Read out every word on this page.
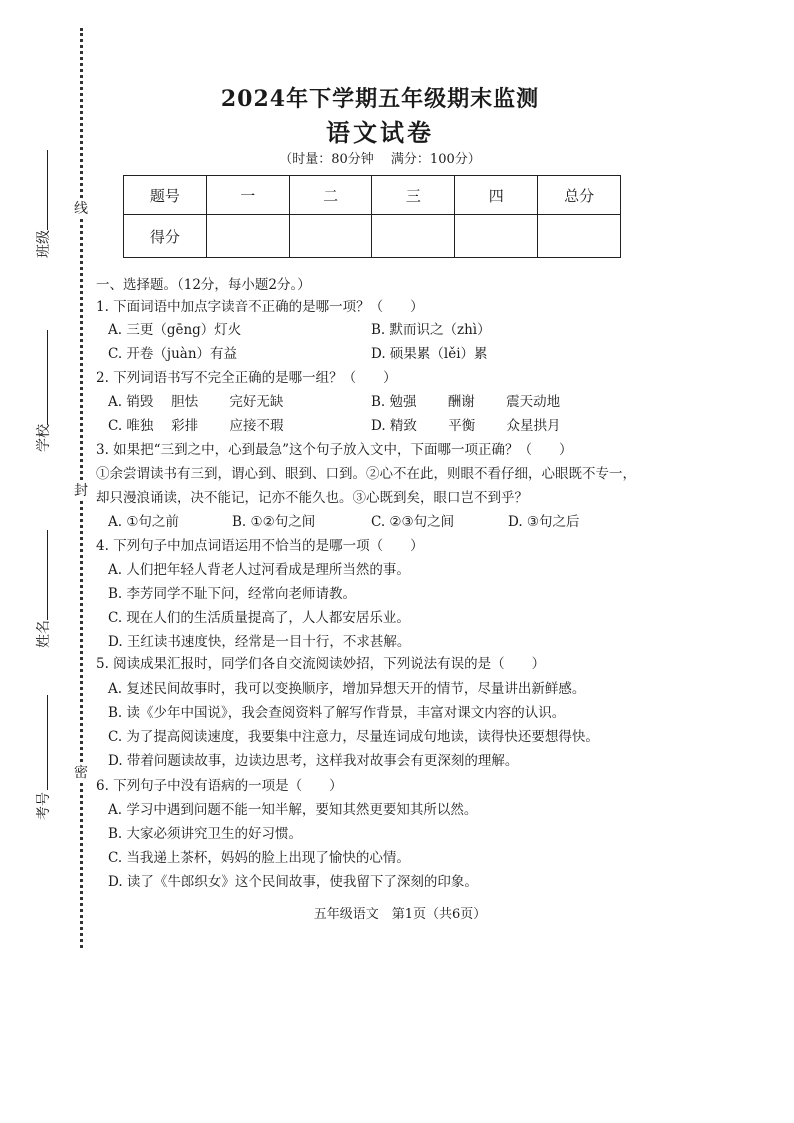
线
封
密
班级
学校
姓名
考号
2024年下学期五年级期末监测
语文试卷
（时量：80分钟　 满分：100分）
题号	一	二	三	四	总分
得分					
一、选择题。（12分，每小题2分。）
1. 下面词语中加点字读音不正确的是哪一项？（　　）
A. 三更（gēng）灯火	B. 默而识之（zhì）
C. 开卷（juàn）有益	D. 硕果累（lěi）累
2. 下列词语书写不完全正确的是哪一组？（　　）
A. 销毁　 胆怯　　 完好无缺	B. 勉强　　 酬谢　　 震天动地
C. 唯独　 彩排　　 应接不瑕	D. 精致　　 平衡　　 众星拱月
3. 如果把“三到之中，心到最急”这个句子放入文中，下面哪一项正确？（　　）
①余尝谓读书有三到，谓心到、眼到、口到。②心不在此，则眼不看仔细，心眼既不专一，
却只漫浪诵读，决不能记，记亦不能久也。③心既到矣，眼口岂不到乎？
A. ①句之前	B. ①②句之间	C. ②③句之间	D. ③句之后
4. 下列句子中加点词语运用不恰当的是哪一项（　　）
A. 人们把年轻人背老人过河看成是理所当然的事。
B. 李芳同学不耻下问，经常向老师请教。
C. 现在人们的生活质量提高了，人人都安居乐业。
D. 王红读书速度快，经常是一目十行，不求甚解。
5. 阅读成果汇报时，同学们各自交流阅读妙招，下列说法有误的是（　　）
A. 复述民间故事时，我可以变换顺序，增加异想天开的情节，尽量讲出新鲜感。
B. 读《少年中国说》，我会查阅资料了解写作背景，丰富对课文内容的认识。
C. 为了提高阅读速度，我要集中注意力，尽量连词成句地读，读得快还要想得快。
D. 带着问题读故事，边读边思考，这样我对故事会有更深刻的理解。
6. 下列句子中没有语病的一项是（　　）
A. 学习中遇到问题不能一知半解，要知其然更要知其所以然。
B. 大家必须讲究卫生的好习惯。
C. 当我递上茶杯，妈妈的脸上出现了愉快的心情。
D. 读了《牛郎织女》这个民间故事，使我留下了深刻的印象。
五年级语文　第1页（共6页）
